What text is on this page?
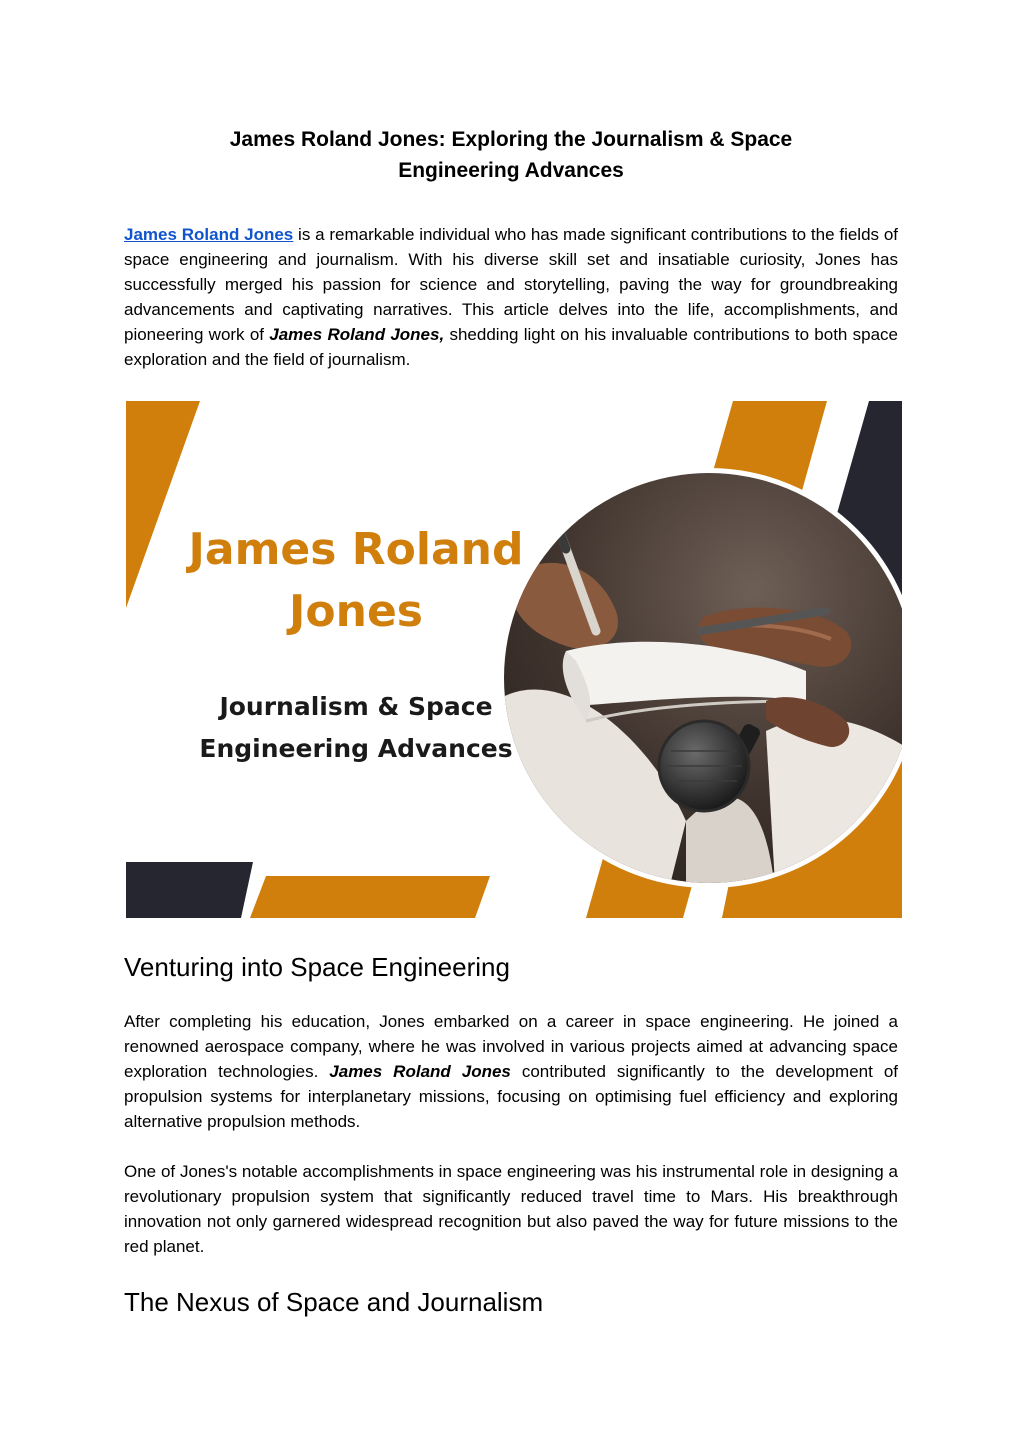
James Roland Jones: Exploring the Journalism & Space
Engineering Advances

James Roland Jones is a remarkable individual who has made significant contributions to the fields of space engineering and journalism. With his diverse skill set and insatiable curiosity, Jones has successfully merged his passion for science and storytelling, paving the way for groundbreaking advancements and captivating narratives. This article delves into the life, accomplishments, and pioneering work of James Roland Jones, shedding light on his invaluable contributions to both space exploration and the field of journalism.

Venturing into Space Engineering

After completing his education, Jones embarked on a career in space engineering. He joined a renowned aerospace company, where he was involved in various projects aimed at advancing space exploration technologies. James Roland Jones contributed significantly to the development of propulsion systems for interplanetary missions, focusing on optimising fuel efficiency and exploring alternative propulsion methods.

One of Jones's notable accomplishments in space engineering was his instrumental role in designing a revolutionary propulsion system that significantly reduced travel time to Mars. His breakthrough innovation not only garnered widespread recognition but also paved the way for future missions to the red planet.

The Nexus of Space and Journalism
James Roland
Jones
Journalism & Space
Engineering Advances
